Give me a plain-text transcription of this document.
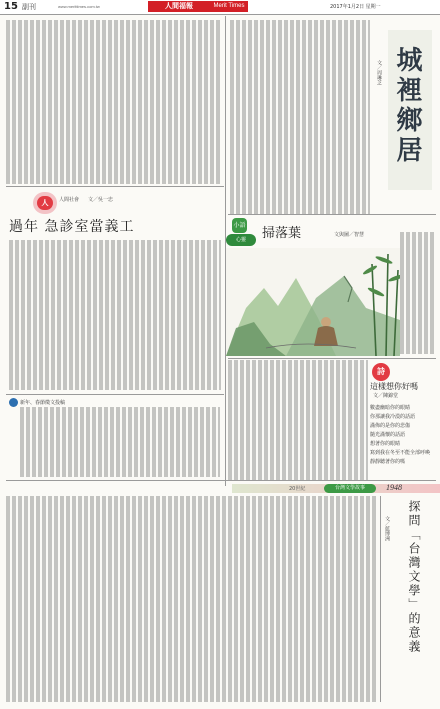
15 副刊	www.merittimes.com.tw	人間福報	Merit Times	2017年1月2日 星期一
城裡鄉居
文／周琳芝
人	人間社會 文／吳一忠
過年 急診室當義工
新年、春節徵文投稿
小語
心靈	掃落葉	文與圖／智慧
詩
這樣想你好嗎
文／陳錦堂
數盡幽暗你的眼睛
你那讓我冷漠的話語
滿佈的是你的悲傷
隨光滿懷的話語
想著你的眼睛
寫到我在冬至不能全部呼喚
靜靜聽著你的嗎
20世紀	台灣文學故事	1948
探問「台灣文學」的意義
文／藍博洲
